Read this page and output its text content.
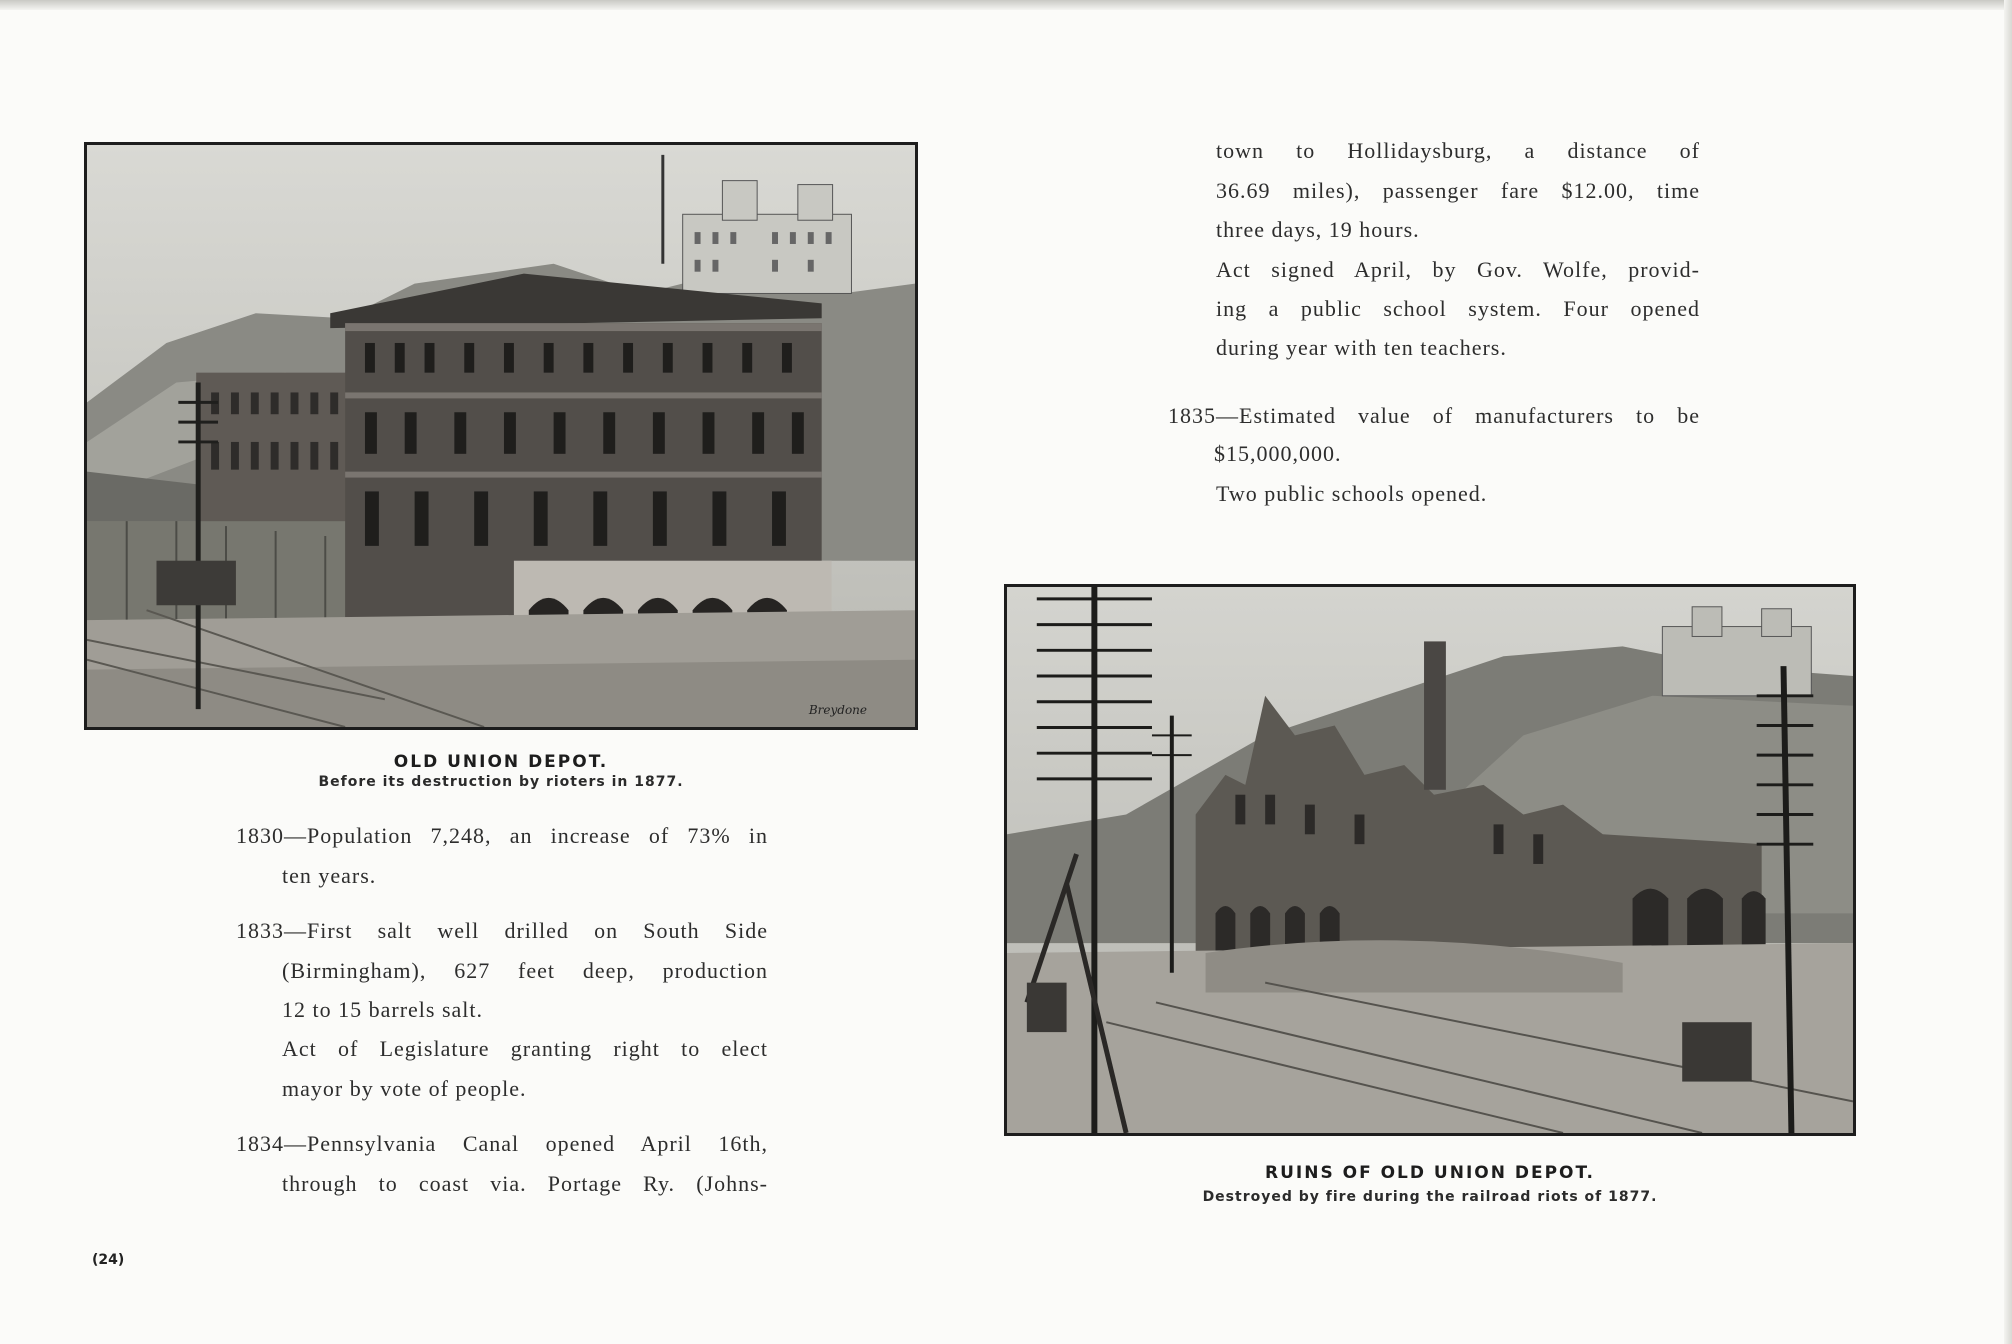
Breydone
OLD UNION DEPOT.
Before its destruction by rioters in 1877.
1830—Population 7,248, an increase of 73% in
ten years.
1833—First salt well drilled on South Side
(Birmingham), 627 feet deep, production
12 to 15 barrels salt.
Act of Legislature granting right to elect
mayor by vote of people.
1834—Pennsylvania Canal opened April 16th,
through to coast via. Portage Ry. (Johns-
(24)
town to Hollidaysburg, a distance of
36.69 miles), passenger fare $12.00, time
three days, 19 hours.
Act signed April, by Gov. Wolfe, provid-
ing a public school system. Four opened
during year with ten teachers.
1835—Estimated value of manufacturers to be
$15,000,000.
Two public schools opened.
RUINS OF OLD UNION DEPOT.
Destroyed by fire during the railroad riots of 1877.
